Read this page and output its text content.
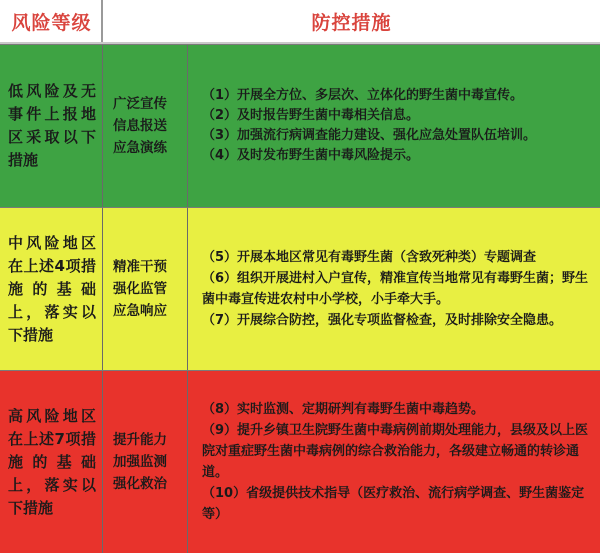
风险等级	防控措施
低风险及无事件上报地区采取以下措施
广泛宣传
信息报送
应急演练
（1）开展全方位、多层次、立体化的野生菌中毒宣传。
（2）及时报告野生菌中毒相关信息。
（3）加强流行病调查能力建设、强化应急处置队伍培训。
（4）及时发布野生菌中毒风险提示。
中风险地区在上述4项措施的基础上，落实以下措施
精准干预
强化监管
应急响应
（5）开展本地区常见有毒野生菌（含致死种类）专题调查
（6）组织开展进村入户宣传，精准宣传当地常见有毒野生菌；野生菌中毒宣传进农村中小学校，小手牵大手。
（7）开展综合防控，强化专项监督检查，及时排除安全隐患。
高风险地区在上述7项措施的基础上，落实以下措施
提升能力
加强监测
强化救治
（8）实时监测、定期研判有毒野生菌中毒趋势。
（9）提升乡镇卫生院野生菌中毒病例前期处理能力，县级及以上医院对重症野生菌中毒病例的综合救治能力，各级建立畅通的转诊通道。
（10）省级提供技术指导（医疗救治、流行病学调查、野生菌鉴定等）
